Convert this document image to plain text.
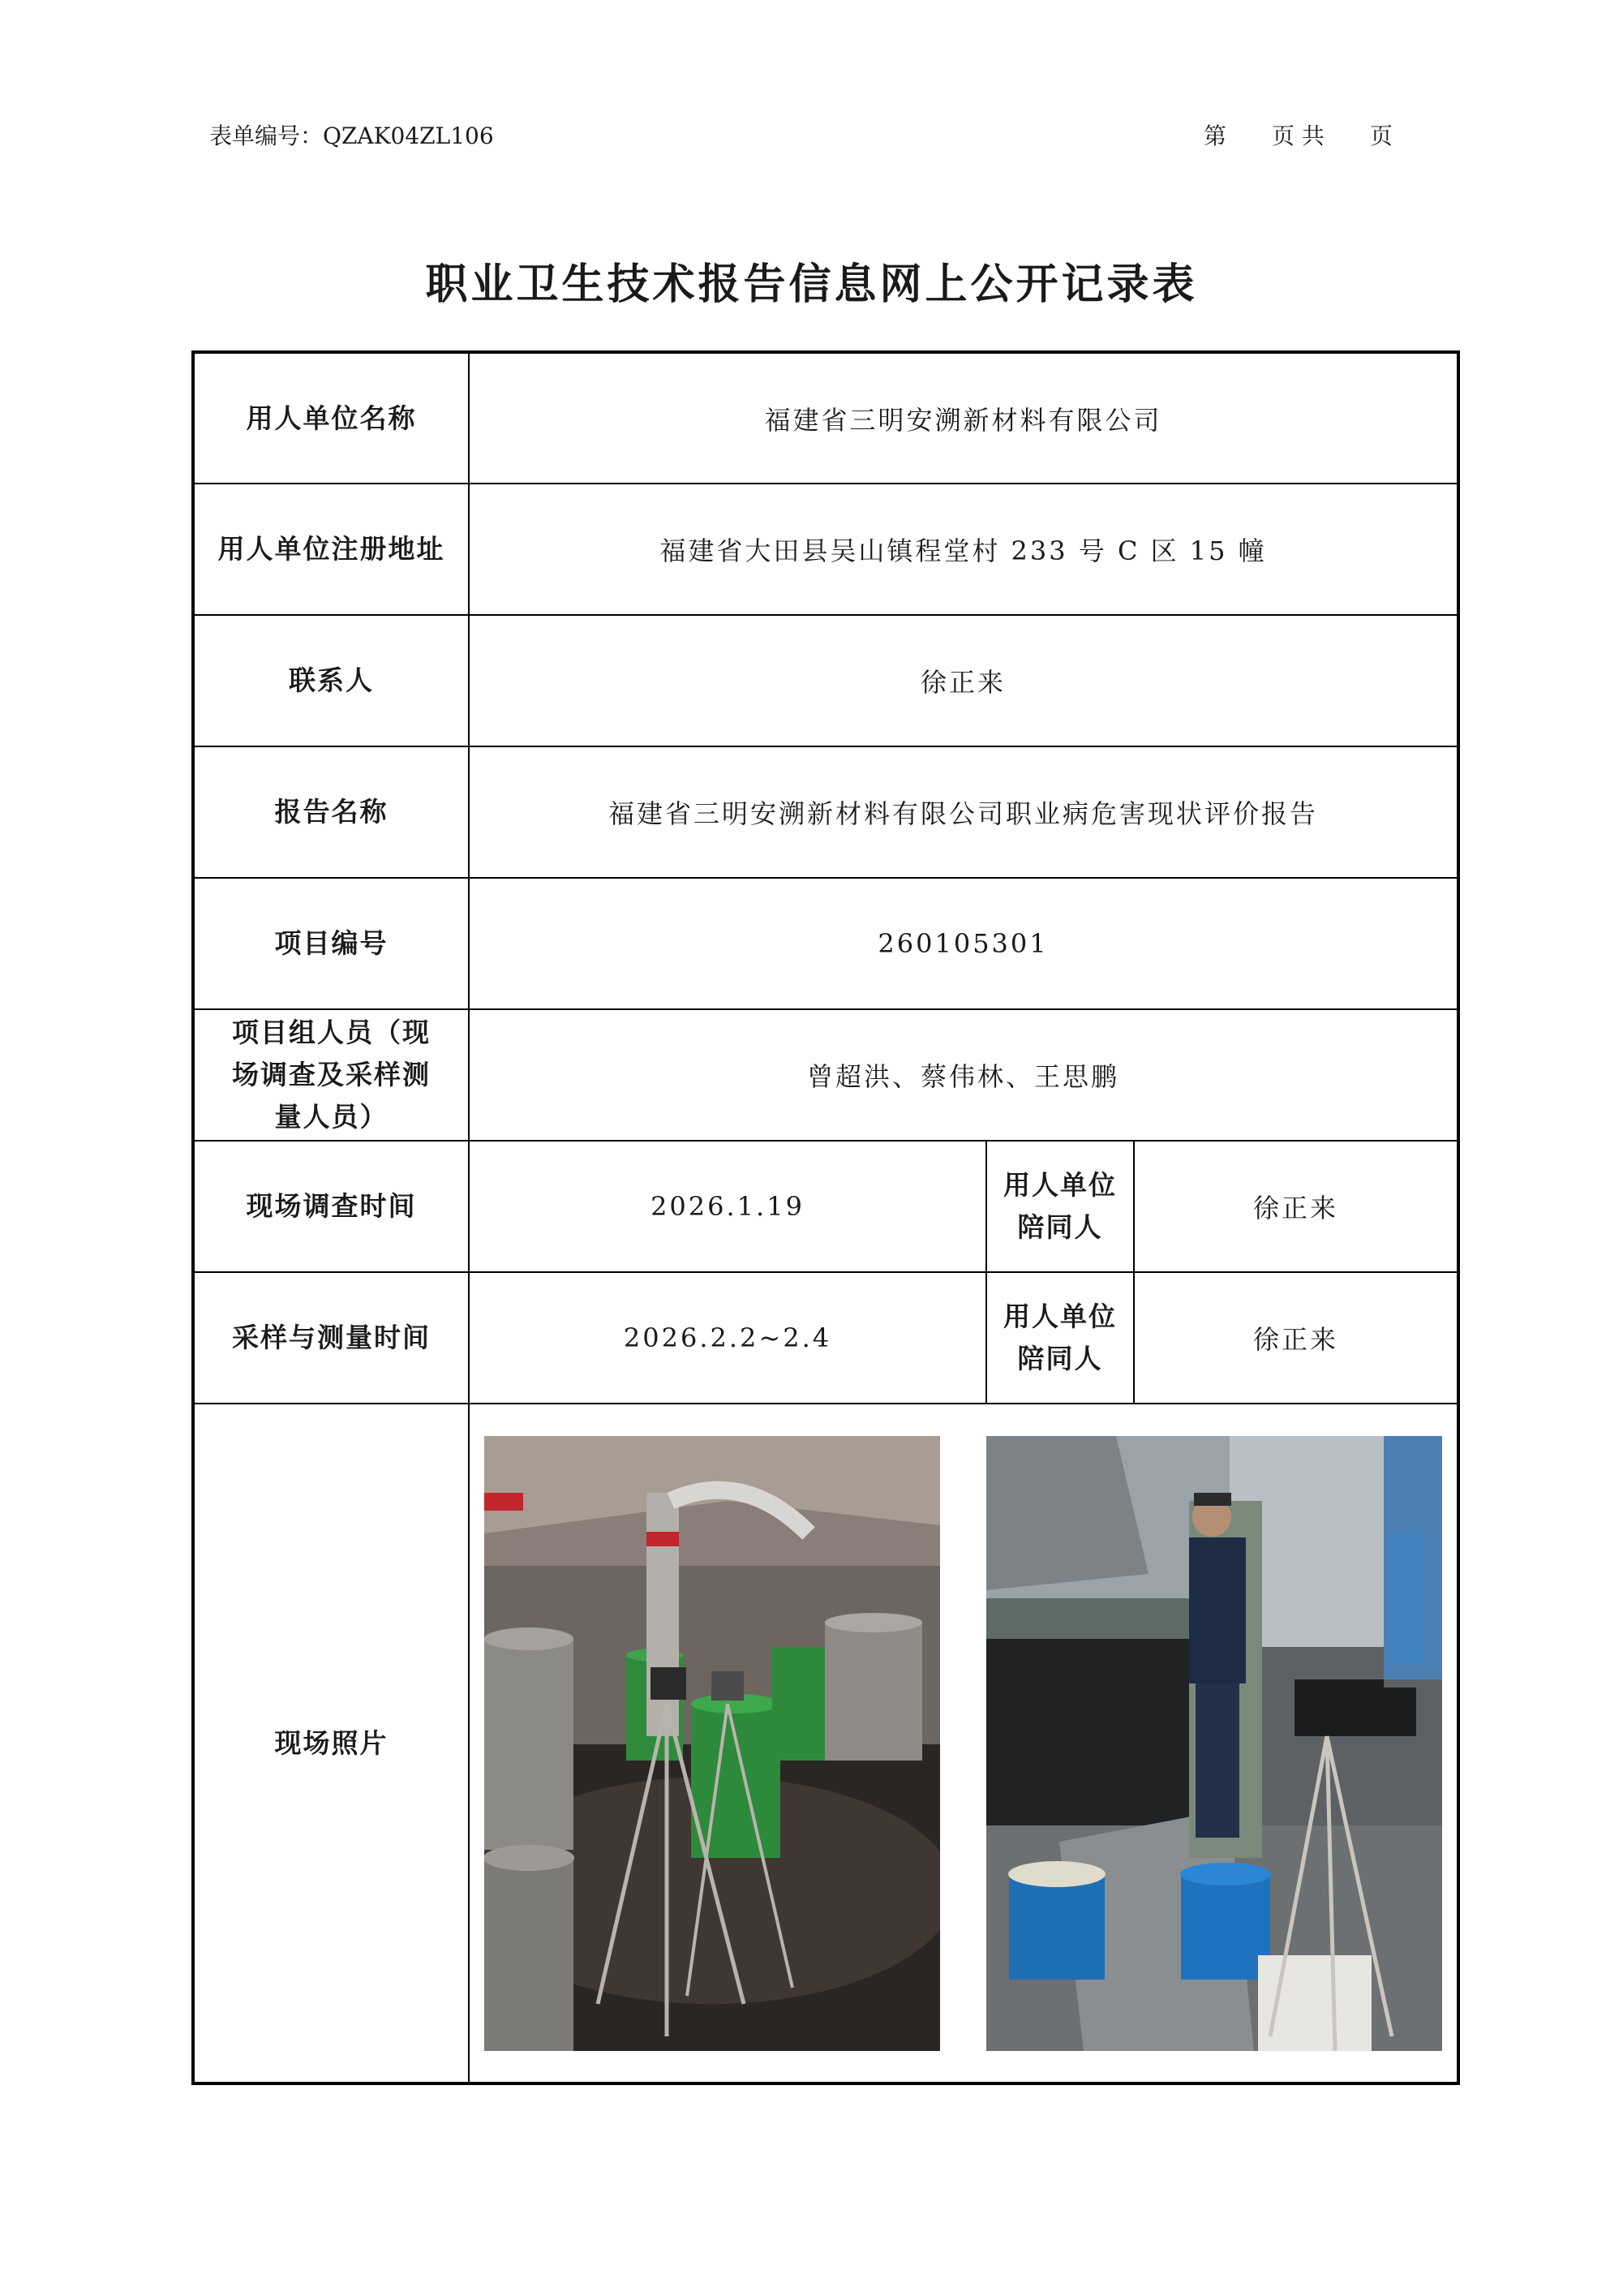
表单编号：QZAK04ZL106	第　　页 共　　页
职业卫生技术报告信息网上公开记录表
用人单位名称	福建省三明安溯新材料有限公司		
用人单位注册地址	福建省大田县吴山镇程堂村 233 号 C 区 15 幢		
联系人	徐正来		
报告名称	福建省三明安溯新材料有限公司职业病危害现状评价报告		
项目编号	260105301		
项目组人员（现场调查及采样测量人员）	曾超洪、蔡伟林、王思鹏		
现场调查时间	2026.1.19	用人单位陪同人	徐正来
采样与测量时间	2026.2.2~2.4	用人单位陪同人	徐正来
现场照片	
